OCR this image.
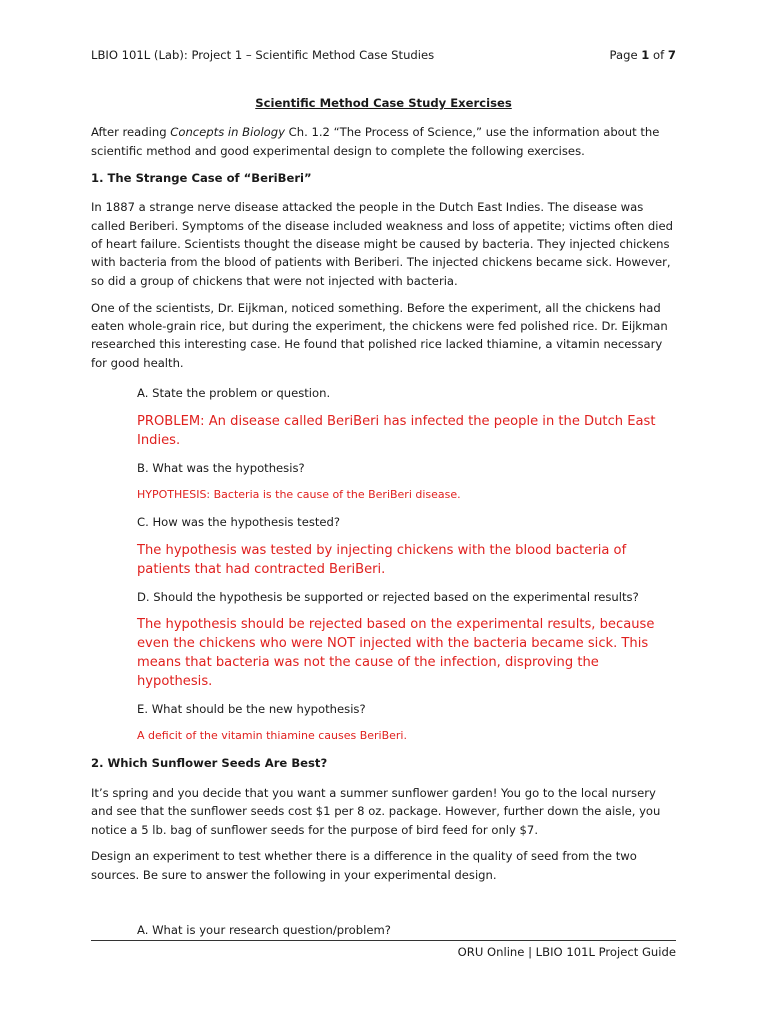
LBIO 101L (Lab): Project 1 – Scientific Method Case Studies	Page 1 of 7
Scientific Method Case Study Exercises

After reading Concepts in Biology Ch. 1.2 “The Process of Science,” use the information about the scientific method and good experimental design to complete the following exercises.

1. The Strange Case of “BeriBeri”

In 1887 a strange nerve disease attacked the people in the Dutch East Indies. The disease was called Beriberi. Symptoms of the disease included weakness and loss of appetite; victims often died of heart failure. Scientists thought the disease might be caused by bacteria. They injected chickens with bacteria from the blood of patients with Beriberi. The injected chickens became sick. However, so did a group of chickens that were not injected with bacteria.

One of the scientists, Dr. Eijkman, noticed something. Before the experiment, all the chickens had eaten whole-grain rice, but during the experiment, the chickens were fed polished rice. Dr. Eijkman researched this interesting case. He found that polished rice lacked thiamine, a vitamin necessary for good health.

A. State the problem or question.
PROBLEM: An disease called BeriBeri has infected the people in the Dutch East Indies.
B. What was the hypothesis?
HYPOTHESIS: Bacteria is the cause of the BeriBeri disease.
C. How was the hypothesis tested?
The hypothesis was tested by injecting chickens with the blood bacteria of patients that had contracted BeriBeri.
D. Should the hypothesis be supported or rejected based on the experimental results?
The hypothesis should be rejected based on the experimental results, because even the chickens who were NOT injected with the bacteria became sick. This means that bacteria was not the cause of the infection, disproving the hypothesis.
E. What should be the new hypothesis?
A deficit of the vitamin thiamine causes BeriBeri.
2. Which Sunflower Seeds Are Best?

It’s spring and you decide that you want a summer sunflower garden! You go to the local nursery and see that the sunflower seeds cost $1 per 8 oz. package. However, further down the aisle, you notice a 5 lb. bag of sunflower seeds for the purpose of bird feed for only $7.

Design an experiment to test whether there is a difference in the quality of seed from the two sources. Be sure to answer the following in your experimental design.

A. What is your research question/problem?
ORU Online | LBIO 101L Project Guide
